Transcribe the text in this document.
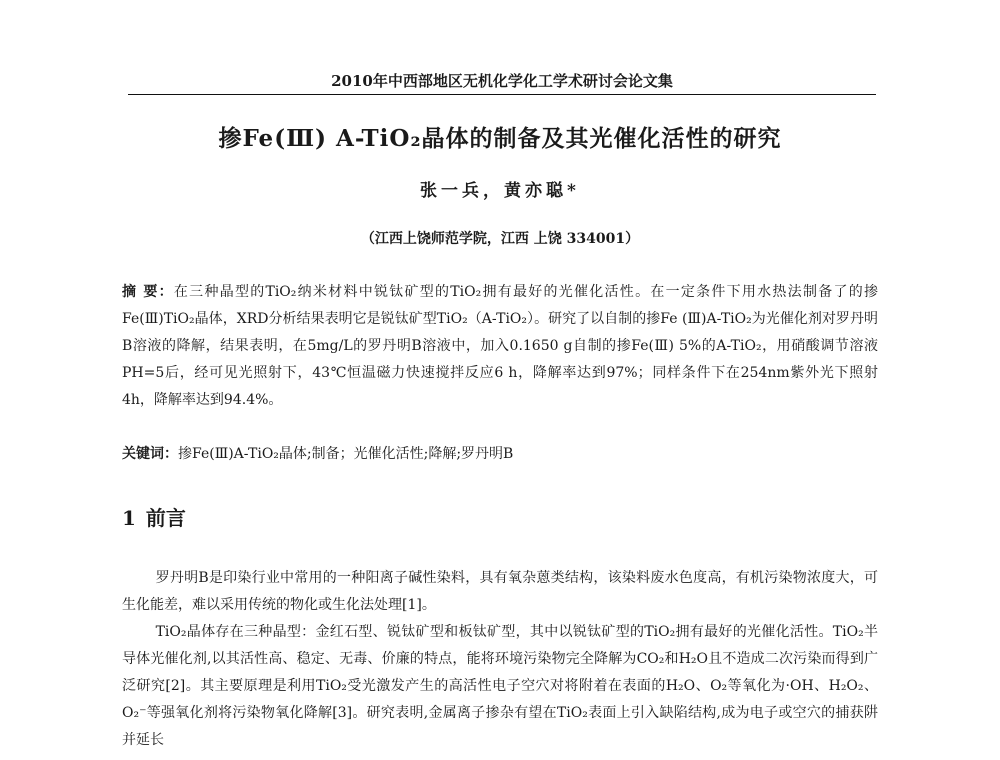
2010年中西部地区无机化学化工学术研讨会论文集
掺Fe(Ⅲ) A-TiO₂晶体的制备及其光催化活性的研究
张一兵，黄亦聪*
（江西上饶师范学院，江西 上饶 334001）
摘 要：在三种晶型的TiO₂纳米材料中锐钛矿型的TiO₂拥有最好的光催化活性。在一定条件下用水热法制备了的掺Fe(Ⅲ)TiO₂晶体，XRD分析结果表明它是锐钛矿型TiO₂（A-TiO₂）。研究了以自制的掺Fe (Ⅲ)A-TiO₂为光催化剂对罗丹明B溶液的降解，结果表明，在5mg/L的罗丹明B溶液中，加入0.1650 g自制的掺Fe(Ⅲ) 5%的A-TiO₂，用硝酸调节溶液PH=5后，经可见光照射下，43℃恒温磁力快速搅拌反应6 h，降解率达到97%；同样条件下在254nm紫外光下照射4h，降解率达到94.4%。
关键词：掺Fe(Ⅲ)A-TiO₂晶体;制备；光催化活性;降解;罗丹明B
1 前言

罗丹明B是印染行业中常用的一种阳离子碱性染料，具有氧杂蒽类结构，该染料废水色度高，有机污染物浓度大，可生化能差，难以采用传统的物化或生化法处理[1]。

TiO₂晶体存在三种晶型：金红石型、锐钛矿型和板钛矿型，其中以锐钛矿型的TiO₂拥有最好的光催化活性。TiO₂半导体光催化剂,以其活性高、稳定、无毒、价廉的特点，能将环境污染物完全降解为CO₂和H₂O且不造成二次污染而得到广泛研究[2]。其主要原理是利用TiO₂受光激发产生的高活性电子空穴对将附着在表面的H₂O、O₂等氧化为·OH、H₂O₂、O₂⁻等强氧化剂将污染物氧化降解[3]。研究表明,金属离子掺杂有望在TiO₂表面上引入缺陷结构,成为电子或空穴的捕获阱并延长
